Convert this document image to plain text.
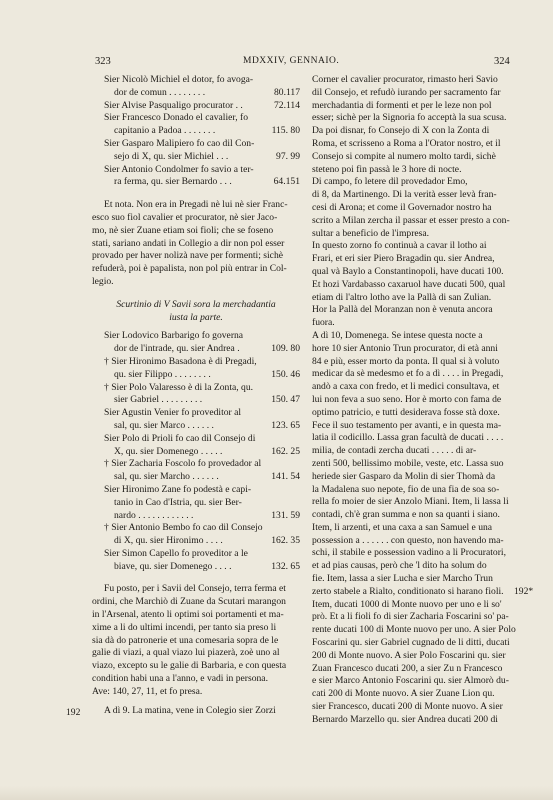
323	MDXXIV, GENNAIO.	324
Sier Nicolò Michiel el dotor, fo avoga-
dor de comun . . . . . . . .	80.117
Sier Alvise Pasqualigo procurator . .	72.114
Sier Francesco Donado el cavalier, fo
capitanio a Padoa . . . . . . .	115. 80
Sier Gasparo Malipiero fo cao dil Con-
sejo di X, qu. sier Michiel . . .	97. 99
Sier Antonio Condolmer fo savio a ter-
ra ferma, qu. sier Bernardo . . .	64.151
Et nota. Non era in Pregadi nè lui nè sier Franc-
esco suo fiol cavalier et procurator, nè sier Jaco-
mo, nè sier Zuane etiam soi fioli; che se foseno
stati, sariano andati in Collegio a dir non pol esser
provado per haver nolizà nave per formenti; sichè
refuderà, poi è papalista, non pol più entrar in Col-
legio.
Scurtinio di V Savii sora la merchadantia
iusta la parte.
Sier Lodovico Barbarigo fo governa
dor de l'intrade, qu. sier Andrea .	109. 80
† Sier Hironimo Basadona è di Pregadi,
qu. sier Filippo . . . . . . . .	150. 46
† Sier Polo Valaresso è di la Zonta, qu.
sier Gabriel . . . . . . . . .	150. 47
Sier Agustin Venier fo proveditor al
sal, qu. sier Marco . . . . . .	123. 65
Sier Polo di Prioli fo cao dil Consejo di
X, qu. sier Domenego . . . . .	162. 25
† Sier Zacharia Foscolo fo provedador al
sal, qu. sier Marcho . . . . . .	141. 54
Sier Hironimo Zane fo podestà e capi-
tanio in Cao d'Istria, qu. sier Ber-
nardo . . . . . . . . . . . .	131. 59
† Sier Antonio Bembo fo cao dil Consejo
di X, qu. sier Hironimo . . . .	162. 35
Sier Simon Capello fo proveditor a le
biave, qu. sier Domenego . . . .	132. 65
Fu posto, per i Savii del Consejo, terra ferma et
ordini, che Marchiò di Zuane da Scutari marangon
in l'Arsenal, atento li optimi soi portamenti et ma-
xime a li do ultimi incendi, per tanto sia preso li
sia dà do patronerie et una comesaria sopra de le
galie di viazi, a qual viazo lui piazerà, zoè uno al
viazo, excepto su le galie di Barbaria, e con questa
condition habi una a l'anno, e vadi in persona.
Ave: 140, 27, 11, et fo presa.
A dì 9. La matina, vene in Colegio sier Zorzi
Corner el cavalier procurator, rimasto heri Savio
dil Consejo, et refudò iurando per sacramento far
merchadantia di formenti et per le leze non pol
esser; sichè per la Signoria fo acceptà la sua scusa.
Da poi disnar, fo Consejo di X con la Zonta di
Roma, et scrisseno a Roma a l'Orator nostro, et il
Consejo si compite al numero molto tardi, sichè
steteno poi fin passà le 3 hore di nocte.
Di campo, fo letere dil provedador Emo,
di 8, da Martinengo. Di la verità esser levà fran-
cesi di Arona; et come il Governador nostro ha
scrito a Milan zercha il passar et esser presto a con-
sultar a beneficio de l'impresa.
In questo zorno fo continuà a cavar il lotho ai
Frari, et eri sier Piero Bragadin qu. sier Andrea,
qual và Baylo a Constantinopoli, have ducati 100.
Et hozi Vardabasso caxaruol have ducati 500, qual
etiam di l'altro lotho ave la Pallà di san Zulian.
Hor la Pallà del Moranzan non è venuta ancora
fuora.
A dì 10, Domenega. Se intese questa nocte a
hore 10 sier Antonio Trun procurator, di età anni
84 e più, esser morto da ponta. Il qual si à voluto
medicar da sè medesmo et fo a dì . . . . in Pregadi,
andò a caxa con fredo, et li medici consultava, et
lui non feva a suo seno. Hor è morto con fama de
optimo patricio, e tutti desiderava fosse stà doxe.
Fece il suo testamento per avanti, e in questa ma-
latia il codicillo. Lassa gran facultà de ducati . . . .
milia, de contadi zercha ducati . . . . . di ar-
zenti 500, bellissimo mobile, veste, etc. Lassa suo
heriede sier Gasparo da Molin di sier Thomà da
la Madalena suo nepote, fio de una fia de soa so-
rella fo moier de sier Anzolo Miani. Item, li lassa li
contadi, ch'è gran summa e non sa quanti i siano.
Item, li arzenti, et una caxa a san Samuel e una
possession a . . . . . . con questo, non havendo ma-
schi, il stabile e possession vadino a li Procuratori,
et ad pias causas, però che 'l dito ha solum do
fie. Item, lassa a sier Lucha e sier Marcho Trun
zerto stabele a Rialto, conditionato si harano fioli.
Item, ducati 1000 di Monte nuovo per uno e li so'
prò. Et a li fioli fo di sier Zacharia Foscarini so' pa-
rente ducati 100 di Monte nuovo per uno. A sier Polo
Foscarini qu. sier Gabriel cugnado de li ditti, ducati
200 di Monte nuovo. A sier Polo Foscarini qu. sier
Zuan Francesco ducati 200, a sier Zu n Francesco
e sier Marco Antonio Foscarini qu. sier Almorò du-
cati 200 di Monte nuovo. A sier Zuane Lion qu.
sier Francesco, ducati 200 di Monte nuovo. A sier
Bernardo Marzello qu. sier Andrea ducati 200 di
192
192*
